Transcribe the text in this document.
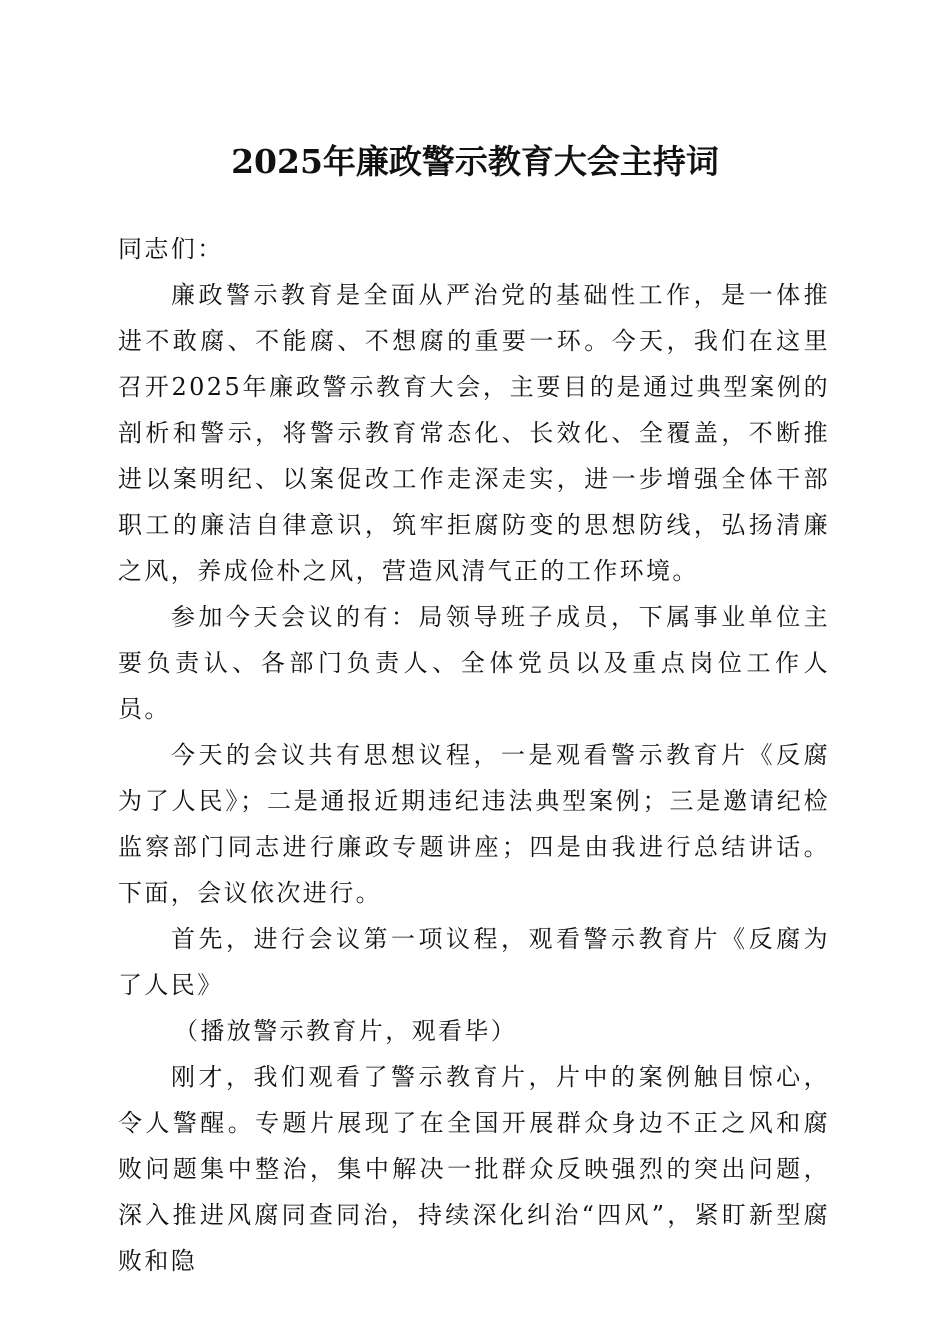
2025年廉政警示教育大会主持词

同志们：

廉政警示教育是全面从严治党的基础性工作，是一体推进不敢腐、不能腐、不想腐的重要一环。今天，我们在这里召开2025年廉政警示教育大会，主要目的是通过典型案例的剖析和警示，将警示教育常态化、长效化、全覆盖，不断推进以案明纪、以案促改工作走深走实，进一步增强全体干部职工的廉洁自律意识，筑牢拒腐防变的思想防线，弘扬清廉之风，养成俭朴之风，营造风清气正的工作环境。

参加今天会议的有：局领导班子成员，下属事业单位主要负责认、各部门负责人、全体党员以及重点岗位工作人员。

今天的会议共有思想议程，一是观看警示教育片《反腐为了人民》；二是通报近期违纪违法典型案例；三是邀请纪检监察部门同志进行廉政专题讲座；四是由我进行总结讲话。下面，会议依次进行。

首先，进行会议第一项议程，观看警示教育片《反腐为了人民》

（播放警示教育片，观看毕）

刚才，我们观看了警示教育片，片中的案例触目惊心，令人警醒。专题片展现了在全国开展群众身边不正之风和腐败问题集中整治，集中解决一批群众反映强烈的突出问题，深入推进风腐同查同治，持续深化纠治“四风”，紧盯新型腐败和隐
